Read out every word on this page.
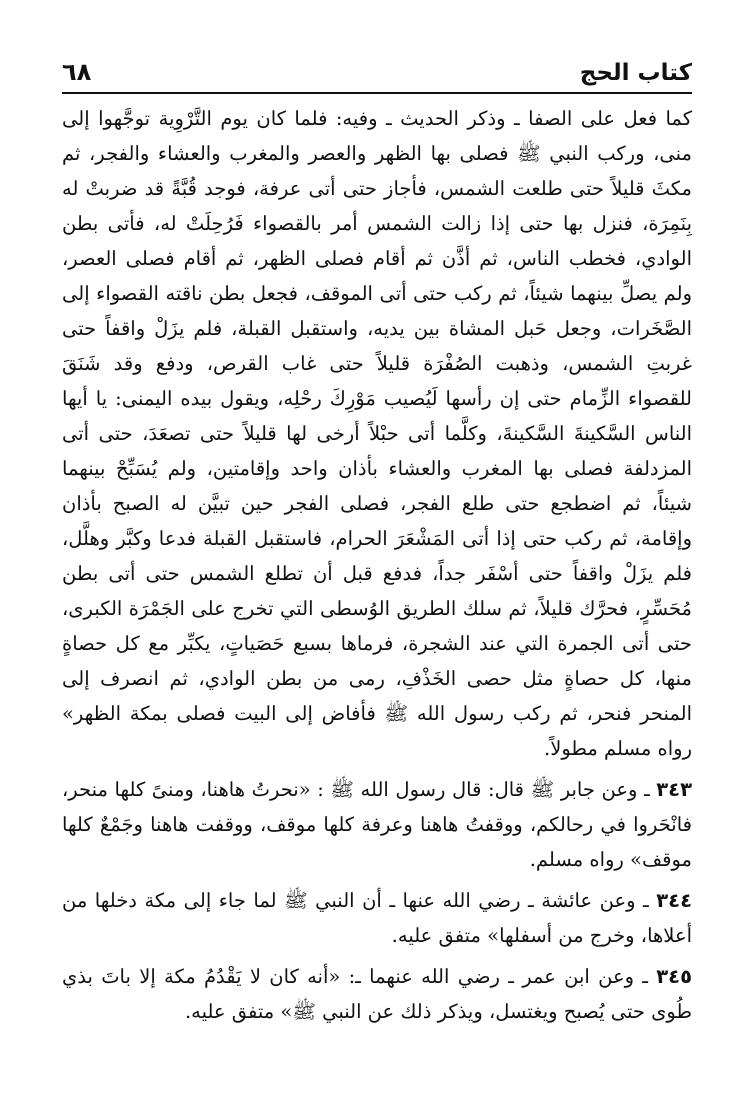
كتاب الحج
٦٨

كما فعل على الصفا ـ وذكر الحديث ـ وفيه: فلما كان يوم التَّرْوِية توجَّهوا إلى منى، وركب النبي ﷺ فصلى بها الظهر والعصر والمغرب والعشاء والفجر، ثم مكثَ قليلاً حتى طلعت الشمس، فأجاز حتى أتى عرفة، فوجد قُبَّةً قد ضربتْ له بِنَمِرَة، فنزل بها حتى إذا زالت الشمس أمر بالقصواء فَرُحِلَتْ له، فأتى بطن الوادي، فخطب الناس، ثم أذَّن ثم أقام فصلى الظهر، ثم أقام فصلى العصر، ولم يصلِّ بينهما شيئاً، ثم ركب حتى أتى الموقف، فجعل بطن ناقته القصواء إلى الصَّخَرات، وجعل حَبل المشاة بين يديه، واستقبل القبلة، فلم يزَلْ واقفاً حتى غربتِ الشمس، وذهبت الصُفْرَة قليلاً حتى غاب القرص، ودفع وقد شَنَقَ للقصواء الزِّمام حتى إن رأسها لَيُصيب مَوْرِكَ رحْلِه، ويقول بيده اليمنى: يا أيها الناس السَّكينةَ السَّكينةَ، وكلَّما أتى حبْلاً أرخى لها قليلاً حتى تصعَدَ، حتى أتى المزدلفة فصلى بها المغرب والعشاء بأذان واحد وإقامتين، ولم يُسَبِّحْ بينهما شيئاً، ثم اضطجع حتى طلع الفجر، فصلى الفجر حين تبيَّن له الصبح بأذان وإقامة، ثم ركب حتى إذا أتى المَشْعَرَ الحرام، فاستقبل القبلة فدعا وكبَّر وهلَّل، فلم يزَلْ واقفاً حتى أسْفَر جداً، فدفع قبل أن تطلع الشمس حتى أتى بطن مُحَسِّرٍ، فحرَّك قليلاً، ثم سلك الطريق الوُسطى التي تخرج على الجَمْرَة الكبرى، حتى أتى الجمرة التي عند الشجرة، فرماها بسبع حَصَياتٍ، يكبِّر مع كل حصاةٍ منها، كل حصاةٍ مثل حصى الخَذْفِ، رمى من بطن الوادي، ثم انصرف إلى المنحر فنحر، ثم ركب رسول الله ﷺ فأفاض إلى البيت فصلى بمكة الظهر» رواه مسلم مطولاً.

٣٤٣ ـ وعن جابر ﷺ قال: قال رسول الله ﷺ : «نحرتُ هاهنا، ومنىً كلها منحر، فانْحَروا في رحالكم، ووقفتُ هاهنا وعرفة كلها موقف، ووقفت هاهنا وجَمْعٌ كلها موقف» رواه مسلم.

٣٤٤ ـ وعن عائشة ـ رضي الله عنها ـ أن النبي ﷺ لما جاء إلى مكة دخلها من أعلاها، وخرج من أسفلها» متفق عليه.

٣٤٥ ـ وعن ابن عمر ـ رضي الله عنهما ـ: «أنه كان لا يَقْدُمُ مكة إلا باتَ بذي طُوى حتى يُصبح ويغتسل، ويذكر ذلك عن النبي ﷺ» متفق عليه.
